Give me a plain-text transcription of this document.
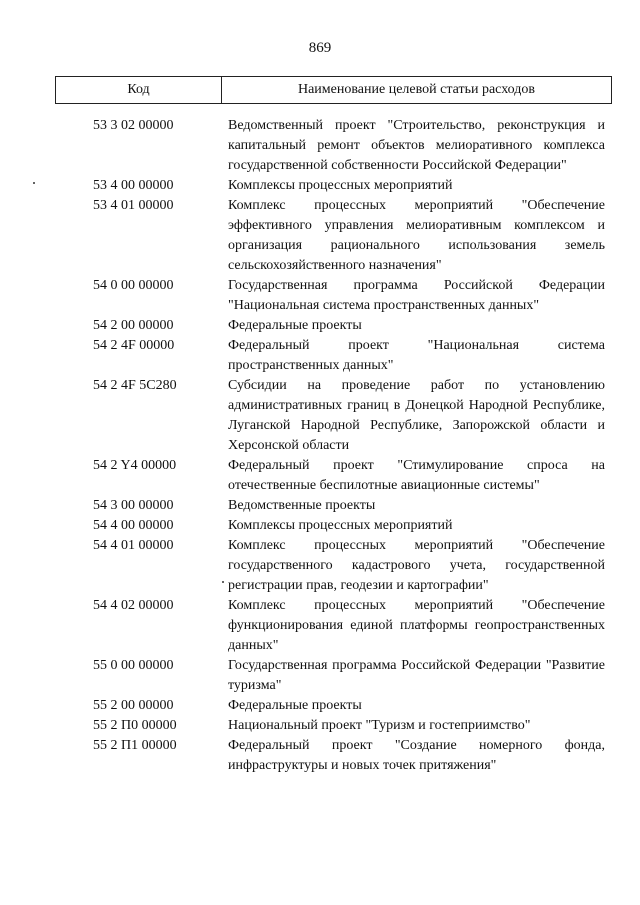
869
Код	Наименование целевой статьи расходов
53 3 02 00000	Ведомственный проект "Строительство, реконструкция и капитальный ремонт объектов мелиоративного комплекса государственной собственности Российской Федерации"
53 4 00 00000	Комплексы процессных мероприятий
53 4 01 00000	Комплекс процессных мероприятий "Обеспечение эффективного управления мелиоративным комплексом и организация рационального использования земель сельскохозяйственного назначения"
54 0 00 00000	Государственная программа Российской Федерации "Национальная система пространственных данных"
54 2 00 00000	Федеральные проекты
54 2 4F 00000	Федеральный проект "Национальная система пространственных данных"
54 2 4F 5C280	Субсидии на проведение работ по установлению административных границ в Донецкой Народной Республике, Луганской Народной Республике, Запорожской области и Херсонской области
54 2 Y4 00000	Федеральный проект "Стимулирование спроса на отечественные беспилотные авиационные системы"
54 3 00 00000	Ведомственные проекты
54 4 00 00000	Комплексы процессных мероприятий
54 4 01 00000	Комплекс процессных мероприятий "Обеспечение государственного кадастрового учета, государственной регистрации прав, геодезии и картографии"
54 4 02 00000	Комплекс процессных мероприятий "Обеспечение функционирования единой платформы геопространственных данных"
55 0 00 00000	Государственная программа Российской Федерации "Развитие туризма"
55 2 00 00000	Федеральные проекты
55 2 П0 00000	Национальный проект "Туризм и гостеприимство"
55 2 П1 00000	Федеральный проект "Создание номерного фонда, инфраструктуры и новых точек притяжения"
